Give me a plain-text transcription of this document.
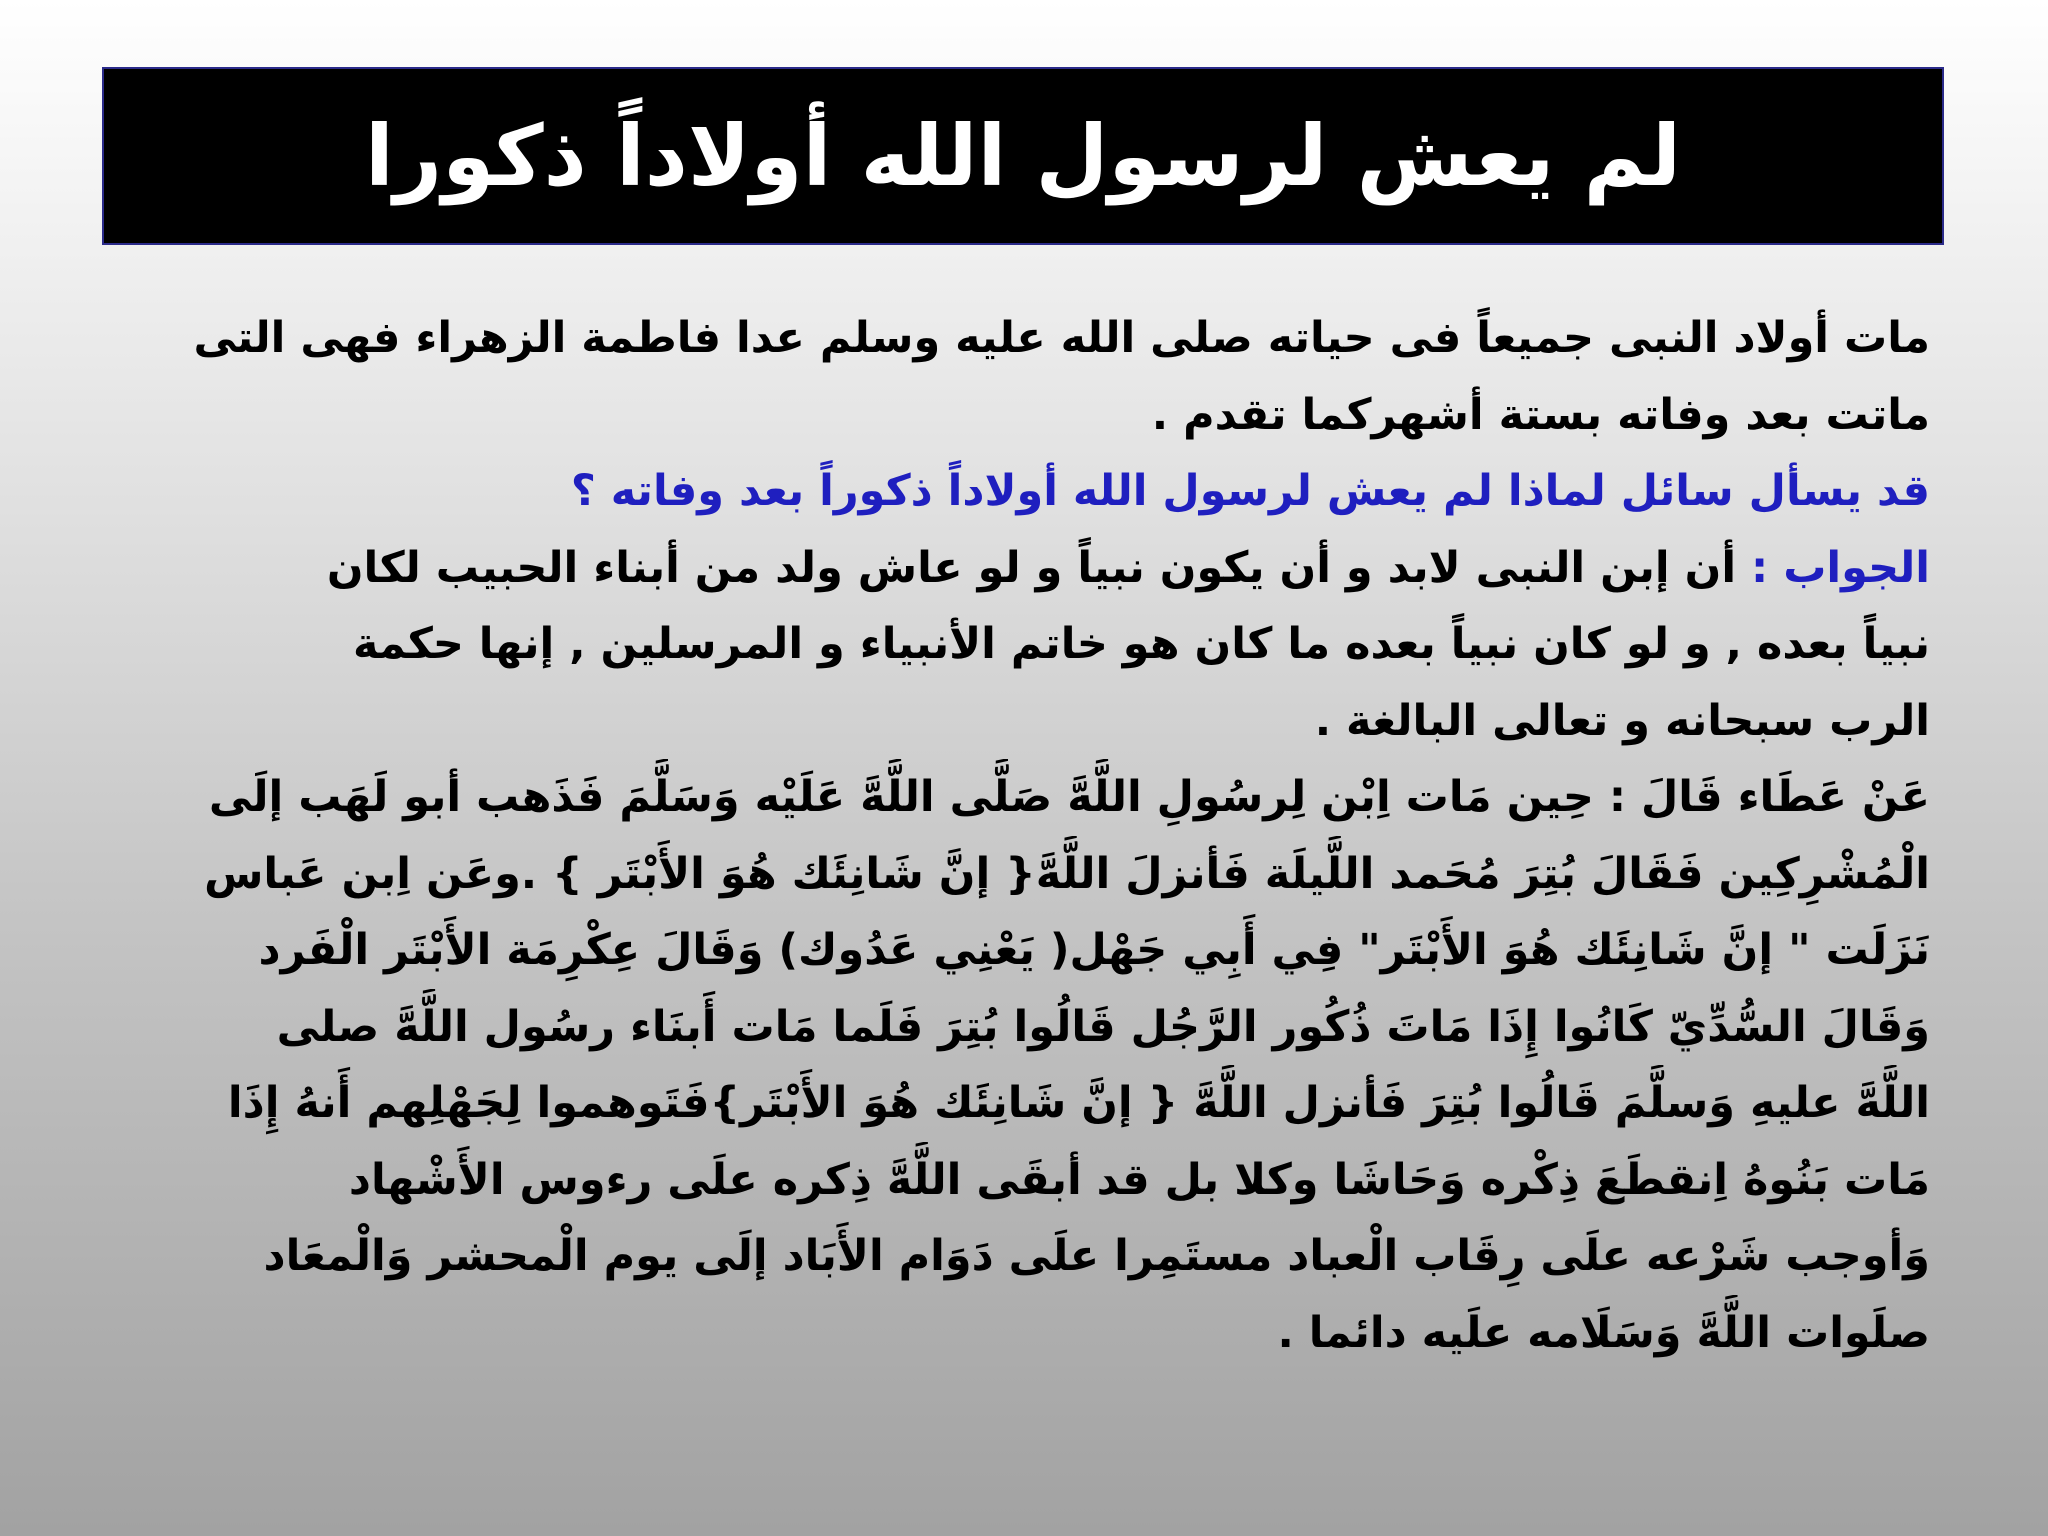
لم يعش لرسول الله أولاداً ذكورا
مات أولاد النبى جميعاً فى حياته صلى الله عليه وسلم عدا فاطمة الزهراء فهى التى
ماتت بعد وفاته بستة أشهركما تقدم .
قد يسأل سائل لماذا لم يعش لرسول الله أولاداً ذكوراً بعد وفاته ؟
الجواب : أن إبن النبى لابد و أن يكون نبياً و لو عاش ولد من أبناء الحبيب لكان
نبياً بعده , و لو كان نبياً بعده ما كان هو خاتم الأنبياء و المرسلين , إنها حكمة
الرب سبحانه و تعالى البالغة .
عَنْ عَطَاء قَالَ : حِين مَات اِبْن لِرسُولِ اللَّهَّ صَلَّى اللَّهَّ عَلَيْه وَسَلَّمَ فَذَهب أبو لَهَب إلَى
الْمُشْرِكِين فَقَالَ بُتِرَ مُحَمد اللَّيلَة فَأنزلَ اللَّهَّ{ إنَّ شَانِئَك هُوَ الأَبْتَر } .وعَن اِبن عَباس
نَزَلَت " إنَّ شَانِئَك هُوَ الأَبْتَر" فِي أَبِي جَهْل( يَعْنِي عَدُوك) وَقَالَ عِكْرِمَة الأَبْتَر الْفَرد
وَقَالَ السُّدِّيّ كَانُوا إِذَا مَاتَ ذُكُور الرَّجُل قَالُوا بُتِرَ فَلَما مَات أَبنَاء رسُول اللَّهَّ صلى
اللَّهَّ عليهِ وَسلَّمَ قَالُوا بُتِرَ فَأنزل اللَّهَّ { إنَّ شَانِئَك هُوَ الأَبْتَر}فَتَوهموا لِجَهْلِهم أَنهُ إِذَا
مَات بَنُوهُ اِنقطَعَ ذِكْره وَحَاشَا وكلا بل قد أبقَى اللَّهَّ ذِكره علَى رءوس الأَشْهاد
وَأوجب شَرْعه علَى رِقَاب الْعباد مستَمِرا علَى دَوَام الأَبَاد إلَى يوم الْمحشر وَالْمعَاد
صلَوات اللَّهَّ وَسَلَامه علَيه دائما .
